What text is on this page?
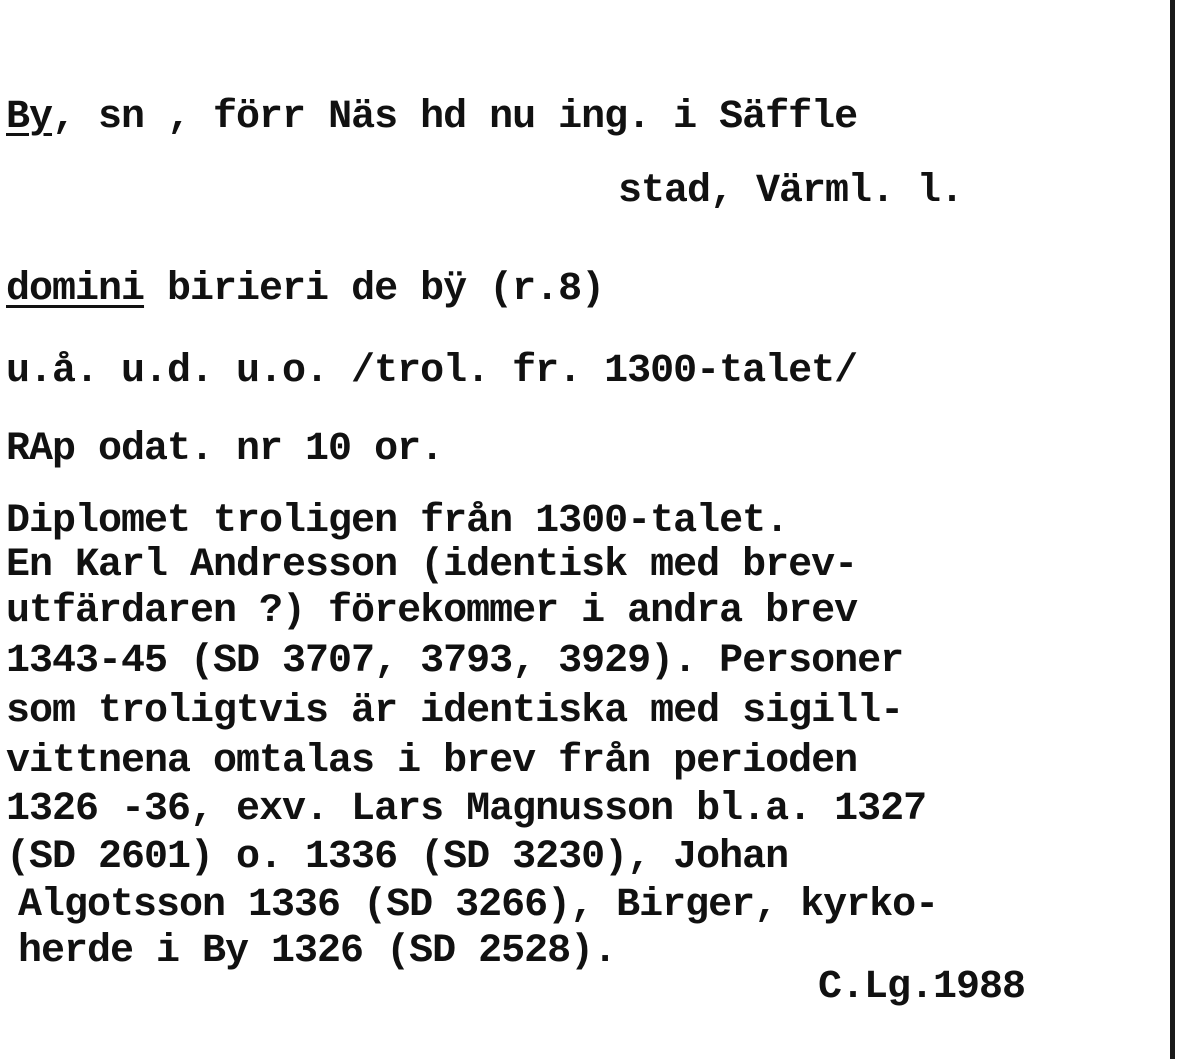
By, sn , förr Näs hd nu ing. i Säffle
stad, Värml. l.
domini birieri de bÿ (r.8)
u.å. u.d. u.o. /trol. fr. 1300-talet/
RAp odat. nr 10 or.
Diplomet troligen från 1300-talet.
En Karl Andresson (identisk med brev-
utfärdaren ?) förekommer i andra brev
1343-45 (SD 3707, 3793, 3929). Personer
som troligtvis är identiska med sigill-
vittnena omtalas i brev från perioden
1326 -36, exv. Lars Magnusson bl.a. 1327
(SD 2601) o. 1336 (SD 3230), Johan
Algotsson 1336 (SD 3266), Birger, kyrko-
herde i By 1326 (SD 2528).
C.Lg.1988
